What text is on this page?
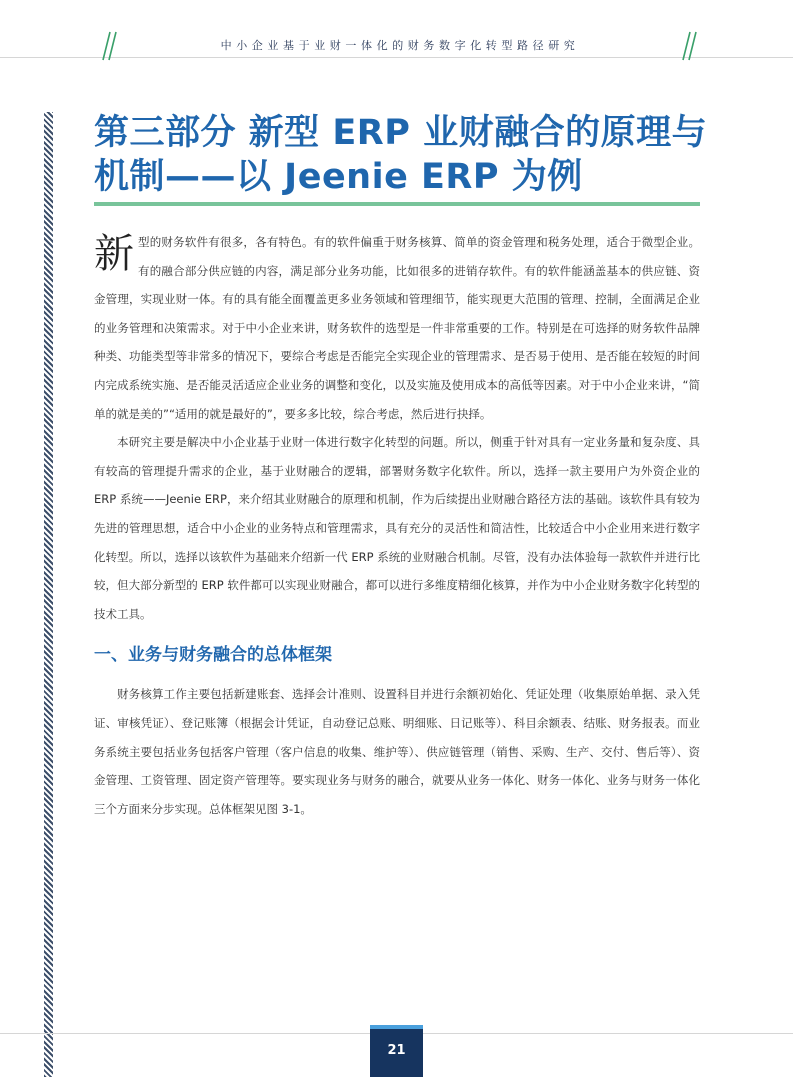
中小企业基于业财一体化的财务数字化转型路径研究
第三部分 新型 ERP 业财融合的原理与
机制——以 Jeenie ERP 为例

新型的财务软件有很多，各有特色。有的软件偏重于财务核算、简单的资金管理和税务处理，适合于微型企业。有的融合部分供应链的内容，满足部分业务功能，比如很多的进销存软件。有的软件能涵盖基本的供应链、资金管理，实现业财一体。有的具有能全面覆盖更多业务领域和管理细节，能实现更大范围的管理、控制，全面满足企业的业务管理和决策需求。对于中小企业来讲，财务软件的选型是一件非常重要的工作。特别是在可选择的财务软件品牌种类、功能类型等非常多的情况下，要综合考虑是否能完全实现企业的管理需求、是否易于使用、是否能在较短的时间内完成系统实施、是否能灵活适应企业业务的调整和变化，以及实施及使用成本的高低等因素。对于中小企业来讲，“简单的就是美的”“适用的就是最好的”，要多多比较，综合考虑，然后进行抉择。

本研究主要是解决中小企业基于业财一体进行数字化转型的问题。所以，侧重于针对具有一定业务量和复杂度、具有较高的管理提升需求的企业，基于业财融合的逻辑，部署财务数字化软件。所以，选择一款主要用户为外资企业的 ERP 系统——Jeenie ERP，来介绍其业财融合的原理和机制，作为后续提出业财融合路径方法的基础。该软件具有较为先进的管理思想，适合中小企业的业务特点和管理需求，具有充分的灵活性和简洁性，比较适合中小企业用来进行数字化转型。所以，选择以该软件为基础来介绍新一代 ERP 系统的业财融合机制。尽管，没有办法体验每一款软件并进行比较，但大部分新型的 ERP 软件都可以实现业财融合，都可以进行多维度精细化核算，并作为中小企业财务数字化转型的技术工具。

一、业务与财务融合的总体框架

财务核算工作主要包括新建账套、选择会计准则、设置科目并进行余额初始化、凭证处理（收集原始单据、录入凭证、审核凭证）、登记账簿（根据会计凭证，自动登记总账、明细账、日记账等）、科目余额表、结账、财务报表。而业务系统主要包括业务包括客户管理（客户信息的收集、维护等）、供应链管理（销售、采购、生产、交付、售后等）、资金管理、工资管理、固定资产管理等。要实现业务与财务的融合，就要从业务一体化、财务一体化、业务与财务一体化三个方面来分步实现。总体框架见图 3-1。

21
